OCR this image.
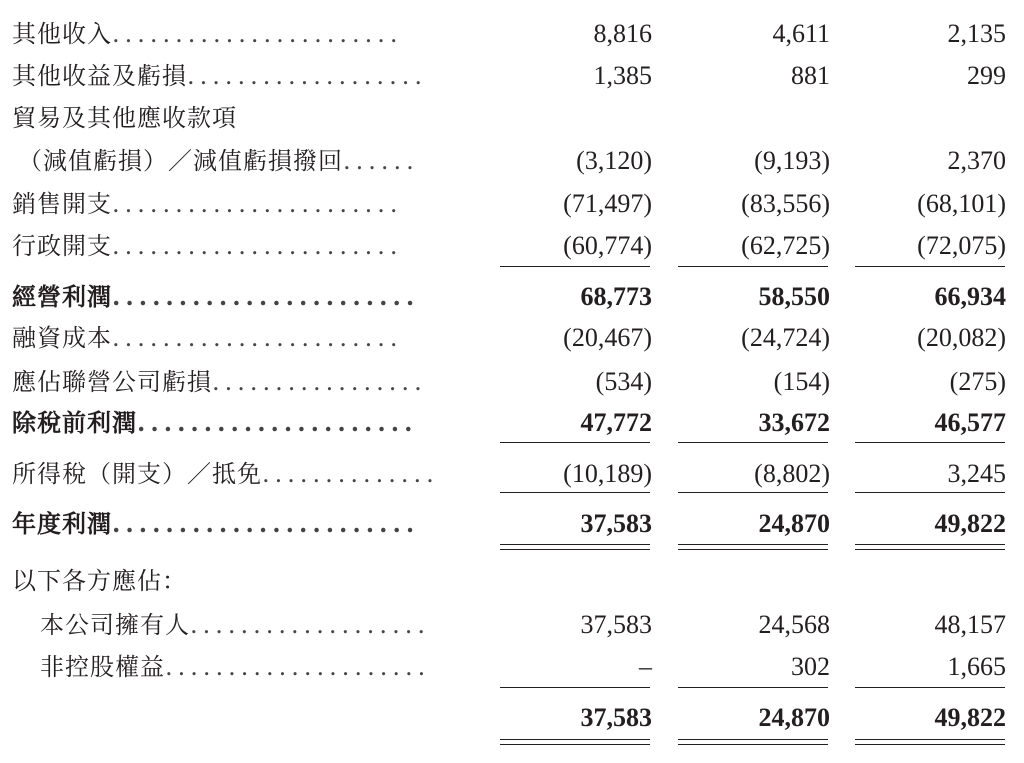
其他收入.......................	8,816	4,611	2,135
其他收益及虧損...................	1,385	881	299
貿易及其他應收款項
（減值虧損）／減值虧損撥回......	(3,120)	(9,193)	2,370
銷售開支.......................	(71,497)	(83,556)	(68,101)
行政開支.......................	(60,774)	(62,725)	(72,075)
經營利潤.......................	68,773	58,550	66,934
融資成本.......................	(20,467)	(24,724)	(20,082)
應佔聯營公司虧損.................	(534)	(154)	(275)
除稅前利潤.....................	47,772	33,672	46,577
所得稅（開支）／抵免..............	(10,189)	(8,802)	3,245
年度利潤.......................	37,583	24,870	49,822
以下各方應佔：
本公司擁有人...................	37,583	24,568	48,157
非控股權益.....................	–	302	1,665
37,583	24,870	49,822
